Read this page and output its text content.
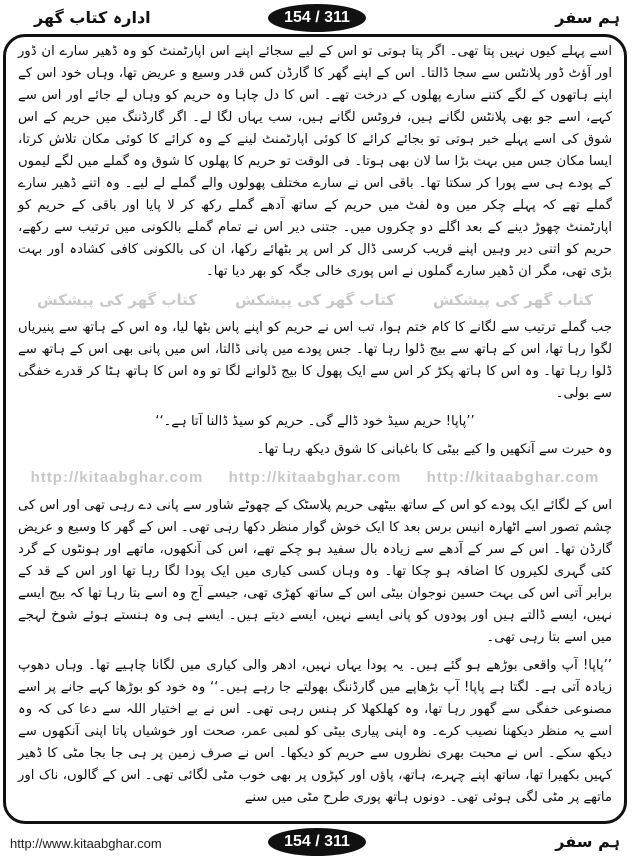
ادارہ کتاب گھر	154 / 311	ہم سفر

اسے پہلے کیوں نہیں پتا تھی۔ اگر پتا ہوتی تو اس کے لیے سجائے اپنے اس اپارٹمنٹ کو وہ ڈھیر سارے ان ڈور اور آؤٹ ڈور پلانٹس سے سجا ڈالتا۔ اس کے اپنے گھر کا گارڈن کس قدر وسیع و عریض تھا، وہاں خود اس کے اپنے ہاتھوں کے لگے کتنے سارے پھلوں کے درخت تھے۔ اس کا دل چاہا وہ حریم کو وہاں لے جائے اور اس سے کہے، اسے جو بھی پلانٹس لگانے ہیں، فروٹس لگانے ہیں، سب یہاں لگا لے۔ اگر گارڈننگ میں حریم کے اس شوق کی اسے پہلے خبر ہوتی تو بجائے کرائے کا کوئی اپارٹمنٹ لینے کے وہ کرائے کا کوئی مکان تلاش کرتا، ایسا مکان جس میں بہت بڑا سا لان بھی ہوتا۔ فی الوقت تو حریم کا پھلوں کا شوق وہ گملے میں لگے لیموں کے پودے ہی سے پورا کر سکتا تھا۔ باقی اس نے سارے مختلف پھولوں والے گملے لے لیے۔ وہ اتنے ڈھیر سارے گملے تھے کہ پہلے چکر میں وہ لفٹ میں حریم کے ساتھ آدھے گملے رکھ کر لا پایا اور باقی کے حریم کو اپارٹمنٹ چھوڑ دینے کے بعد اگلے دو چکروں میں۔ جتنی دیر اس نے تمام گملے بالکونی میں ترتیب سے رکھے، حریم کو اتنی دیر وہیں اپنے قریب کرسی ڈال کر اس پر بٹھائے رکھا، ان کی بالکونی کافی کشادہ اور بہت بڑی تھی، مگر ان ڈھیر سارے گملوں نے اس پوری خالی جگہ کو بھر دیا تھا۔

کتاب گھر کی پیشکش	کتاب گھر کی پیشکش	کتاب گھر کی پیشکش

جب گملے ترتیب سے لگانے کا کام ختم ہوا، تب اس نے حریم کو اپنے پاس بٹھا لیا، وہ اس کے ہاتھ سے پنیریاں لگوا رہا تھا، اس کے ہاتھ سے بیج ڈلوا رہا تھا۔ جس پودے میں پانی ڈالتا، اس میں پانی بھی اس کے ہاتھ سے ڈلوا رہا تھا۔ وہ اس کا ہاتھ پکڑ کر اس سے ایک پھول کا بیج ڈلوانے لگا تو وہ اس کا ہاتھ ہٹا کر قدرے خفگی سے بولی۔

’’پاپا! حریم سیڈ خود ڈالے گی۔ حریم کو سیڈ ڈالنا آتا ہے۔‘‘

وہ حیرت سے آنکھیں وا کیے بیٹی کا باغبانی کا شوق دیکھ رہا تھا۔

http://kitaabghar.com http://kitaabghar.com http://kitaabghar.com

اس کے لگائے ایک پودے کو اس کے ساتھ بیٹھی حریم پلاسٹک کے چھوٹے شاور سے پانی دے رہی تھی اور اس کی چشم تصور اسے اٹھارہ انیس برس بعد کا ایک خوش گوار منظر دکھا رہی تھی۔ اس کے گھر کا وسیع و عریض گارڈن تھا۔ اس کے سر کے آدھے سے زیادہ بال سفید ہو چکے تھے، اس کی آنکھوں، ماتھے اور ہونٹوں کے گرد کئی گہری لکیروں کا اضافہ ہو چکا تھا۔ وہ وہاں کسی کیاری میں ایک پودا لگا رہا تھا اور اس کے قد کے برابر آتی اس کی بہت حسین نوجوان بیٹی اس کے ساتھ کھڑی تھی، جیسے آج وہ اسے بتا رہا تھا کہ بیج ایسے نہیں، ایسے ڈالتے ہیں اور پودوں کو پانی ایسے نہیں، ایسے دیتے ہیں۔ ایسے ہی وہ ہنستے ہوئے شوخ لہجے میں اسے بتا رہی تھی۔

’’پاپا! آپ واقعی بوڑھے ہو گئے ہیں۔ یہ پودا یہاں نہیں، ادھر والی کیاری میں لگانا چاہیے تھا۔ وہاں دھوپ زیادہ آتی ہے۔ لگتا ہے پاپا! آپ بڑھاپے میں گارڈننگ بھولتے جا رہے ہیں۔‘‘ وہ خود کو بوڑھا کہے جانے پر اسے مصنوعی خفگی سے گھور رہا تھا، وہ کھلکھلا کر ہنس رہی تھی۔ اس نے بے اختیار اللہ سے دعا کی کہ وہ اسے یہ منظر دیکھنا نصیب کرے۔ وہ اپنی پیاری بیٹی کو لمبی عمر، صحت اور خوشیاں پاتا اپنی آنکھوں سے دیکھ سکے۔ اس نے محبت بھری نظروں سے حریم کو دیکھا۔ اس نے صرف زمین پر ہی جا بجا مٹی کا ڈھیر کہیں بکھیرا تھا، ساتھ اپنے چہرے، ہاتھ، پاؤں اور کپڑوں پر بھی خوب مٹی لگائی تھی۔ اس کے گالوں، ناک اور ماتھے پر مٹی لگی ہوئی تھی۔ دونوں ہاتھ پوری طرح مٹی میں سنے

http://www.kitaabghar.com	154 / 311	ہم سفر
